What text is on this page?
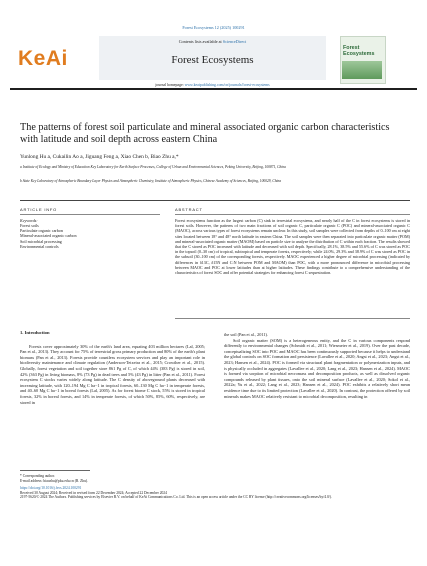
Forest Ecosystems 12 (2025) 100291
KeAi
Contents lists available at ScienceDirect
Forest Ecosystems
journal homepage: www.keaipublishing.com/cn/journals/forest-ecosystems
Forest Ecosystems
The patterns of forest soil particulate and mineral associated organic carbon characteristics with latitude and soil depth across eastern China
Yunlong Hu a, Cukailin Ao a, Jiguang Feng a, Xiao Chen b, Biao Zhu a,*
a Institute of Ecology and Ministry of Education Key Laboratory for Earth Surface Processes, College of Urban and Environmental Sciences, Peking University, Beijing, 100871, China
b State Key Laboratory of Atmospheric Boundary Layer Physics and Atmospheric Chemistry, Institute of Atmospheric Physics, Chinese Academy of Sciences, Beijing, 100029, China
ARTICLE INFO
Keywords:
Forest soils
Particulate organic carbon
Mineral-associated organic carbon
Soil microbial processing
Environmental controls
ABSTRACT
Forest ecosystems function as the largest carbon (C) sink in terrestrial ecosystems, and nearly half of the C in forest ecosystems is stored in forest soils. However, the patterns of two main fractions of soil organic C, particulate organic C (POC) and mineral-associated organic C (MAOC), across various types of forest ecosystems remain unclear. In this study, soil samples were collected from depths of 0–100 cm at eight sites located between 18° and 48° north latitude in eastern China. The soil samples were then separated into particulate organic matter (POM) and mineral-associated organic matter (MAOM) based on particle size to analyze the distribution of C within each fraction. The results showed that the C stored as POC increased with latitude and decreased with soil depth. Specifically, 28.1%, 38.5% and 55.6% of C was stored as POC in the topsoil (0–30 cm) of tropical, subtropical and temperate forests, respectively; while 24.0%, 29.3% and 38.9% of C was stored as POC in the subsoil (30–100 cm) of the corresponding forests, respectively. MAOC experienced a higher degree of microbial processing (indicated by differences in δ13C, δ15N and C:N between POM and MAOM) than POC, with a more pronounced difference in microbial processing between MAOC and POC at lower latitudes than at higher latitudes. These findings contribute to a comprehensive understanding of the characteristics of forest SOC and offer potential strategies for enhancing forest C sequestration.
1. Introduction

Forests cover approximately 30% of the earth's land area, equating 403 million hectares (Lal, 2005; Pan et al., 2013). They account for 75% of terrestrial gross primary production and 80% of the earth's plant biomass (Pan et al., 2013). Forests provide countless ecosystem services and play an important role in biodiversity maintenance and climate regulation (Anderson-Teixeira et al., 2015; Crowther et al., 2015). Globally, forest vegetation and soil together store 861 Pg of C, of which 44% (383 Pg) is stored in soil, 42% (363 Pg) in living biomass, 8% (73 Pg) in dead trees and 5% (43 Pg) in litter (Pan et al., 2011). Forest ecosystem C stocks varies widely along latitude. The C density of aboveground plants decreased with increasing latitude, with 120–194 Mg C ha−1 in tropical forests, 60–130 Mg C ha−1 in temperate forests, and 40–60 Mg C ha−1 in boreal forests (Lal, 2005). As for forest biome C stock, 55% is stored in tropical forests, 32% in boreal forests, and 14% in temperate forests, of which 50%, 85%, 60%, respectively, are stored in

the soil (Pan et al., 2011).

Soil organic matter (SOM) is a heterogeneous entity, and the C in various components respond differently to environmental changes (Schmidt et al., 2011; Wiesmeier et al., 2019). Over the past decade, conceptualizing SOC into POC and MAOC has been continuously supported because it helps to understand the global controls on SOC formation and persistence (Lavallee et al., 2020; Angst et al., 2023; Angst et al., 2023; Hansen et al., 2024). POC is formed via structural plant fragmentation or polymerization inputs, and is physically occluded in aggregates (Lavallee et al., 2020; Lang et al., 2023; Hansen et al., 2024). MAOC is formed via sorption of microbial necromass and decomposition products, as well as dissolved organic compounds released by plant tissues, onto the soil mineral surface (Lavallee et al., 2020; Sokol et al., 2022a; Yu et al., 2022; Lang et al., 2023; Hansen et al., 2024). POC exhibits a relatively short mean residence time due to its limited protection (Lavallee et al., 2020). In contrast, the protection offered by soil minerals makes MAOC relatively resistant to microbial decomposition, resulting in

* Corresponding author.
E-mail address: biaozhu@pku.edu.cn (B. Zhu).
https://doi.org/10.1016/j.fecs.2024.100291
Received 30 August 2024; Received in revised form 22 December 2024; Accepted 22 December 2024
2197-5620/© 2024 The Authors. Publishing services by Elsevier B.V. on behalf of KeAi Communications Co. Ltd. This is an open access article under the CC BY license (http://creativecommons.org/licenses/by/4.0/).
